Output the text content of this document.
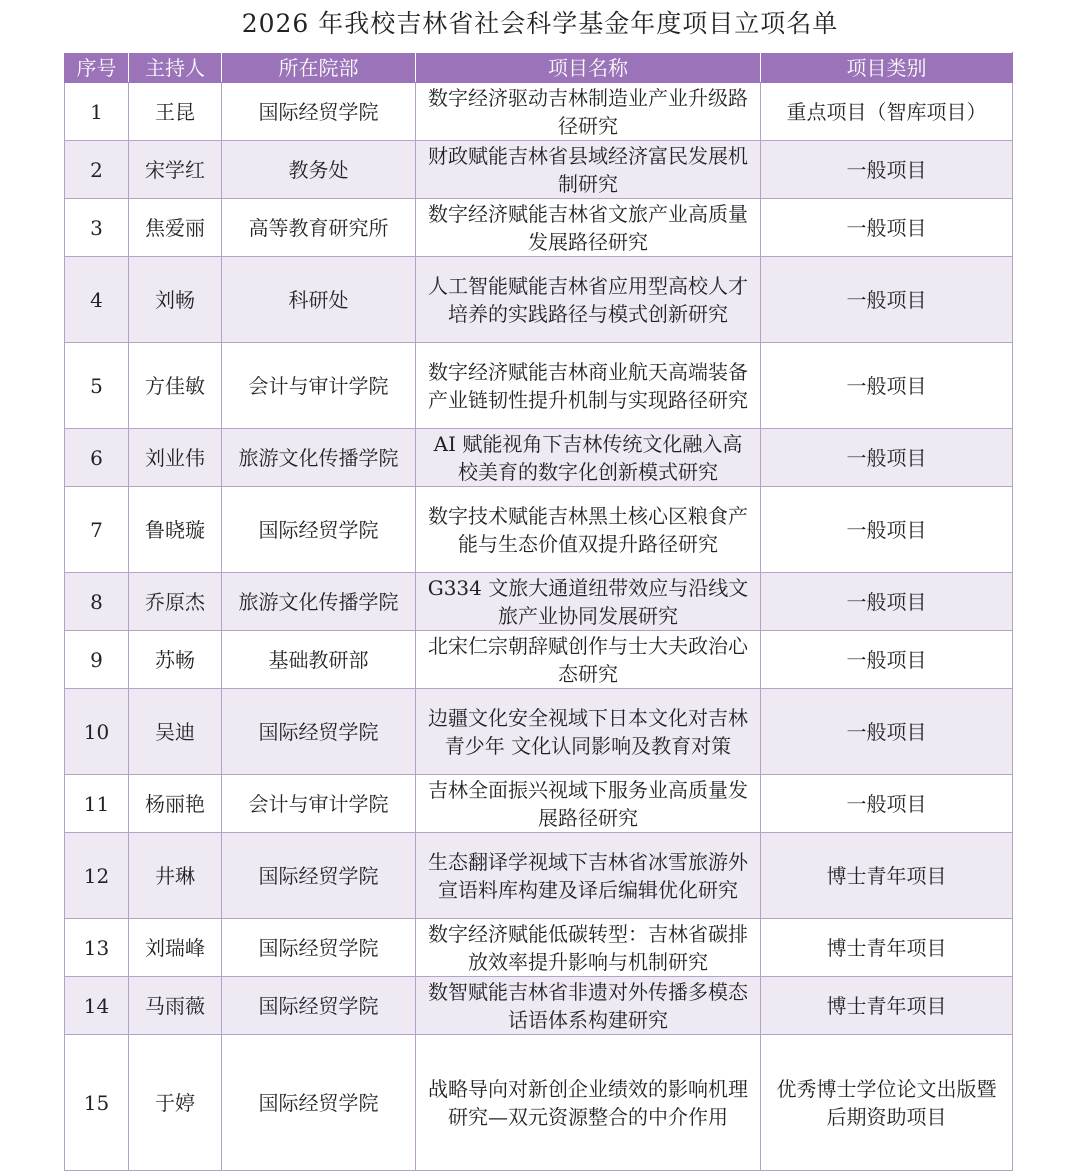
2026 年我校吉林省社会科学基金年度项目立项名单
序号	主持人	所在院部	项目名称	项目类别
1	王昆	国际经贸学院	数字经济驱动吉林制造业产业升级路径研究	重点项目（智库项目）
2	宋学红	教务处	财政赋能吉林省县域经济富民发展机制研究	一般项目
3	焦爱丽	高等教育研究所	数字经济赋能吉林省文旅产业高质量发展路径研究	一般项目
4	刘畅	科研处	人工智能赋能吉林省应用型高校人才培养的实践路径与模式创新研究	一般项目
5	方佳敏	会计与审计学院	数字经济赋能吉林商业航天高端装备产业链韧性提升机制与实现路径研究	一般项目
6	刘业伟	旅游文化传播学院	AI 赋能视角下吉林传统文化融入高校美育的数字化创新模式研究	一般项目
7	鲁晓璇	国际经贸学院	数字技术赋能吉林黑土核心区粮食产能与生态价值双提升路径研究	一般项目
8	乔原杰	旅游文化传播学院	G334 文旅大通道纽带效应与沿线文旅产业协同发展研究	一般项目
9	苏畅	基础教研部	北宋仁宗朝辞赋创作与士大夫政治心态研究	一般项目
10	吴迪	国际经贸学院	边疆文化安全视域下日本文化对吉林青少年 文化认同影响及教育对策	一般项目
11	杨丽艳	会计与审计学院	吉林全面振兴视域下服务业高质量发展路径研究	一般项目
12	井琳	国际经贸学院	生态翻译学视域下吉林省冰雪旅游外宣语料库构建及译后编辑优化研究	博士青年项目
13	刘瑞峰	国际经贸学院	数字经济赋能低碳转型：吉林省碳排放效率提升影响与机制研究	博士青年项目
14	马雨薇	国际经贸学院	数智赋能吉林省非遗对外传播多模态话语体系构建研究	博士青年项目
15	于婷	国际经贸学院	战略导向对新创企业绩效的影响机理研究—双元资源整合的中介作用	优秀博士学位论文出版暨后期资助项目
